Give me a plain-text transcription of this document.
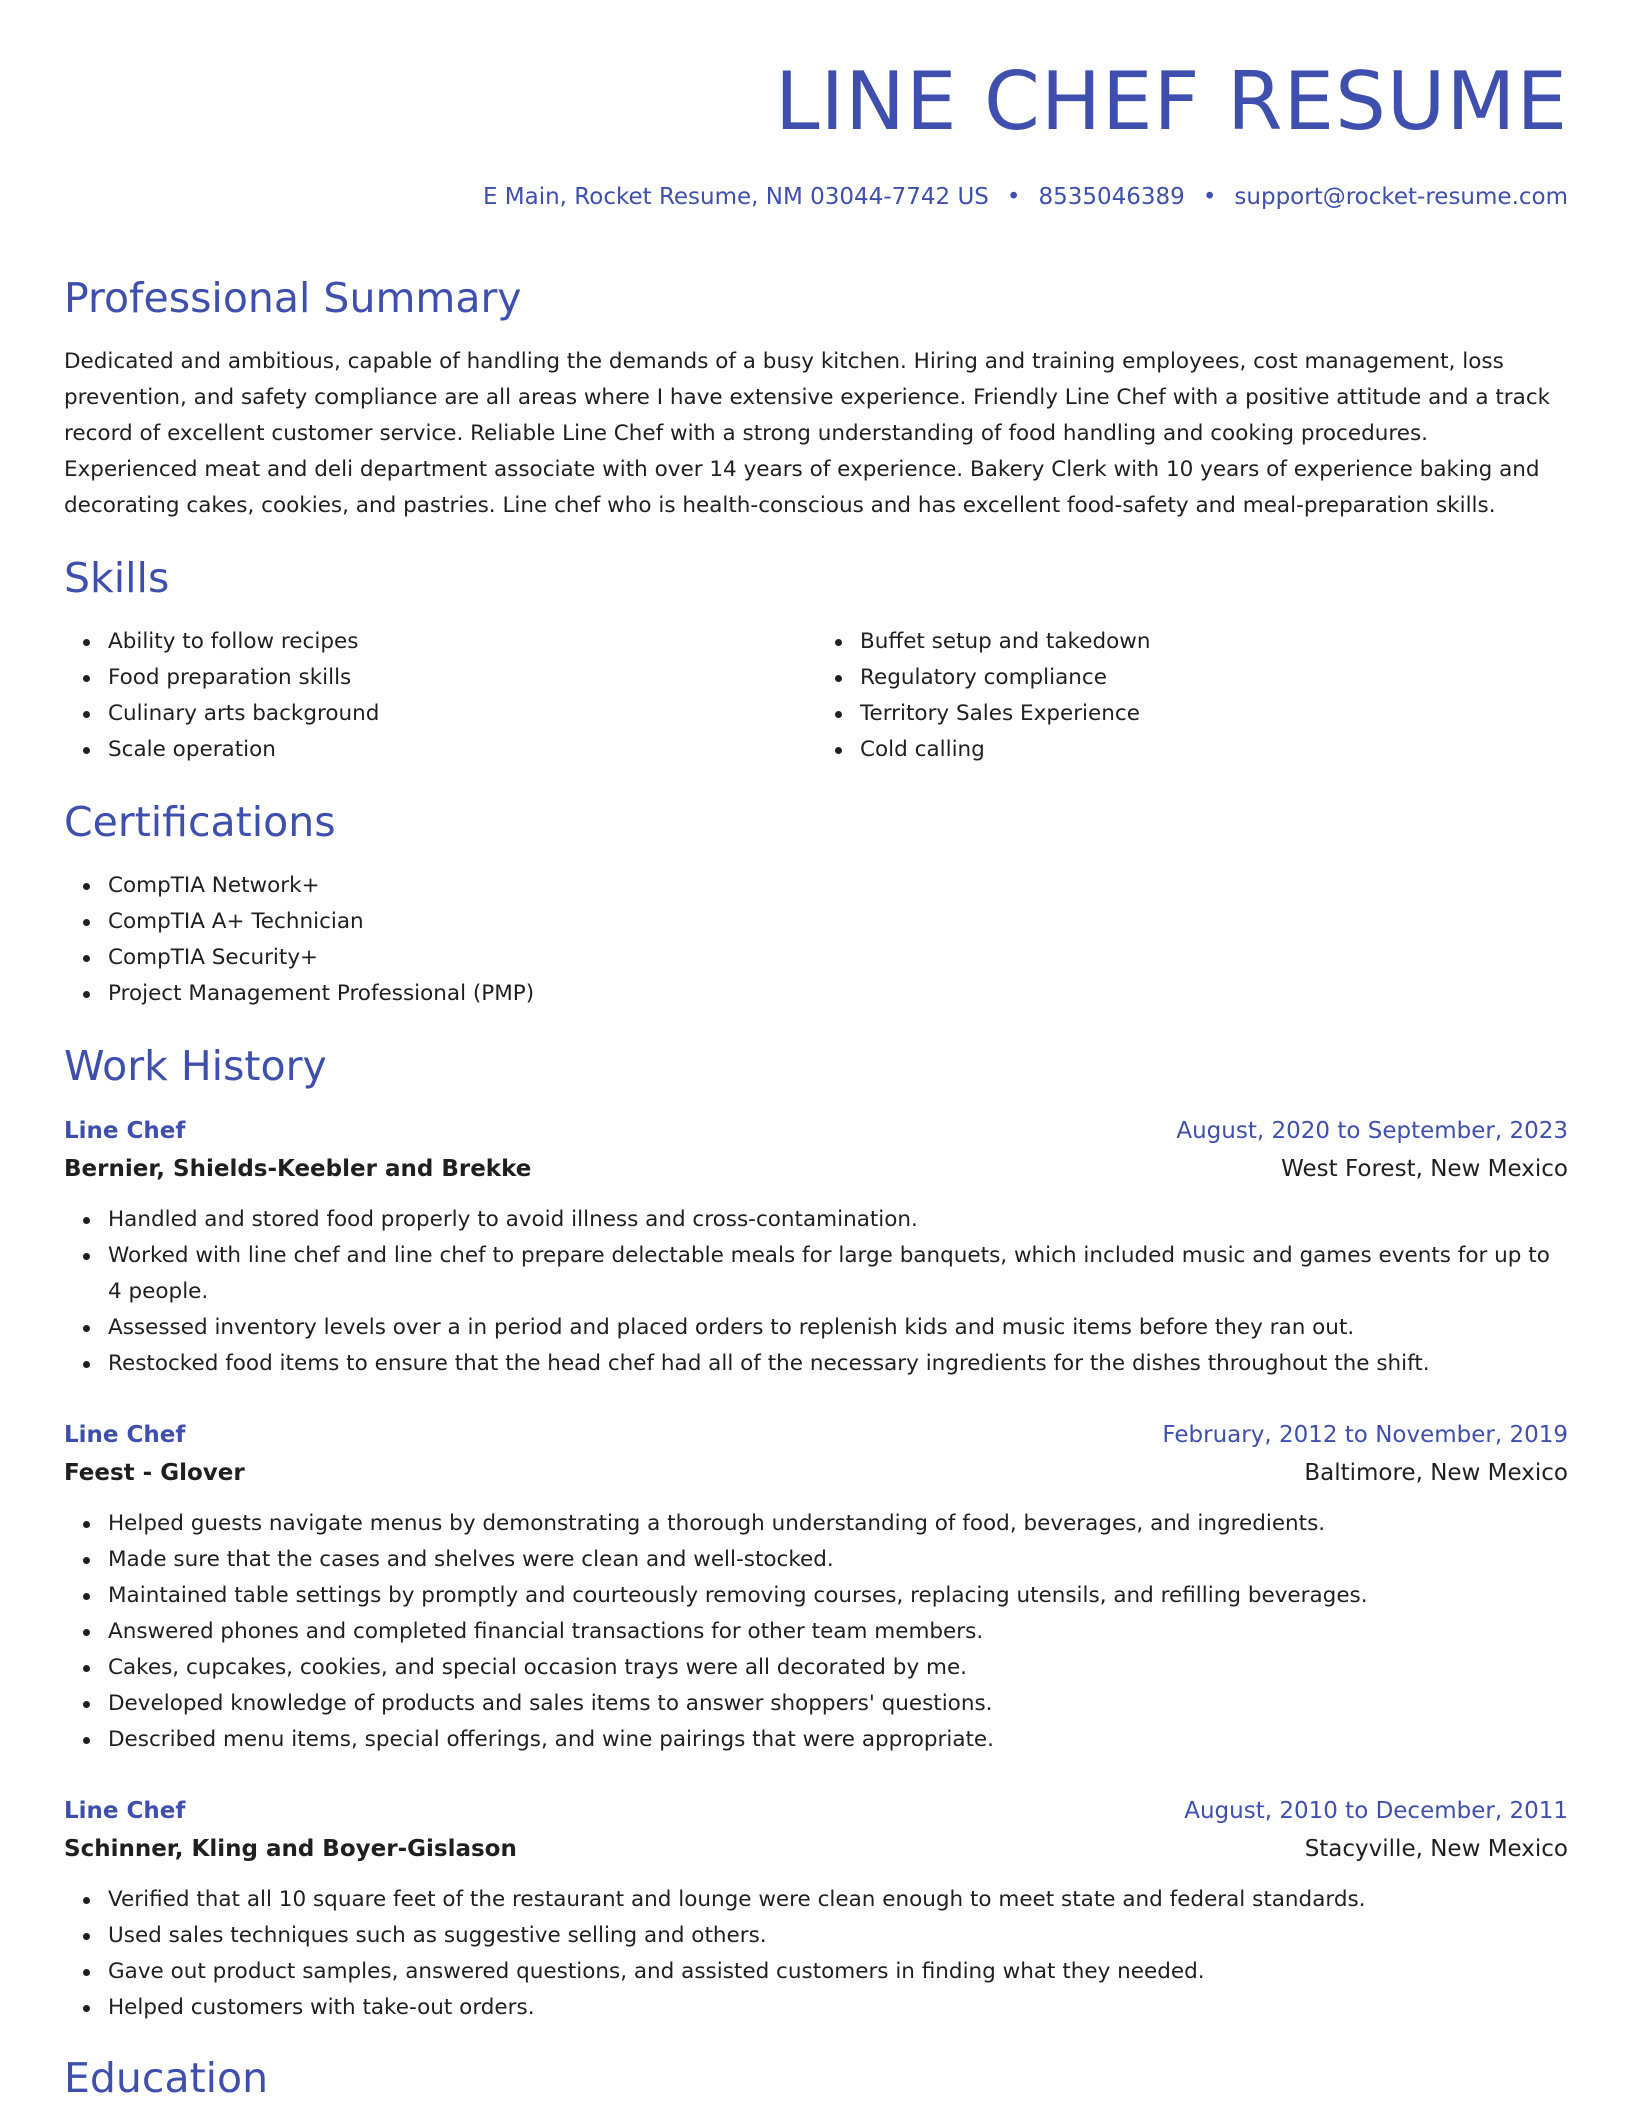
LINE CHEF RESUME
E Main, Rocket Resume, NM 03044-7742 US • 8535046389 • support@rocket-resume.com
Professional Summary

Dedicated and ambitious, capable of handling the demands of a busy kitchen. Hiring and training employees, cost management, loss prevention, and safety compliance are all areas where I have extensive experience. Friendly Line Chef with a positive attitude and a track record of excellent customer service. Reliable Line Chef with a strong understanding of food handling and cooking procedures. Experienced meat and deli department associate with over 14 years of experience. Bakery Clerk with 10 years of experience baking and decorating cakes, cookies, and pastries. Line chef who is health-conscious and has excellent food-safety and meal-preparation skills.

Skills
Ability to follow recipes
Food preparation skills
Culinary arts background
Scale operation
Buffet setup and takedown
Regulatory compliance
Territory Sales Experience
Cold calling
Certifications
CompTIA Network+
CompTIA A+ Technician
CompTIA Security+
Project Management Professional (PMP)
Work History
Line Chef	August, 2020 to September, 2023
Bernier, Shields-Keebler and Brekke	West Forest, New Mexico
Handled and stored food properly to avoid illness and cross-contamination.
Worked with line chef and line chef to prepare delectable meals for large banquets, which included music and games events for up to 4 people.
Assessed inventory levels over a in period and placed orders to replenish kids and music items before they ran out.
Restocked food items to ensure that the head chef had all of the necessary ingredients for the dishes throughout the shift.
Line Chef	February, 2012 to November, 2019
Feest - Glover	Baltimore, New Mexico
Helped guests navigate menus by demonstrating a thorough understanding of food, beverages, and ingredients.
Made sure that the cases and shelves were clean and well-stocked.
Maintained table settings by promptly and courteously removing courses, replacing utensils, and refilling beverages.
Answered phones and completed financial transactions for other team members.
Cakes, cupcakes, cookies, and special occasion trays were all decorated by me.
Developed knowledge of products and sales items to answer shoppers' questions.
Described menu items, special offerings, and wine pairings that were appropriate.
Line Chef	August, 2010 to December, 2011
Schinner, Kling and Boyer-Gislason	Stacyville, New Mexico
Verified that all 10 square feet of the restaurant and lounge were clean enough to meet state and federal standards.
Used sales techniques such as suggestive selling and others.
Gave out product samples, answered questions, and assisted customers in finding what they needed.
Helped customers with take-out orders.
Education
